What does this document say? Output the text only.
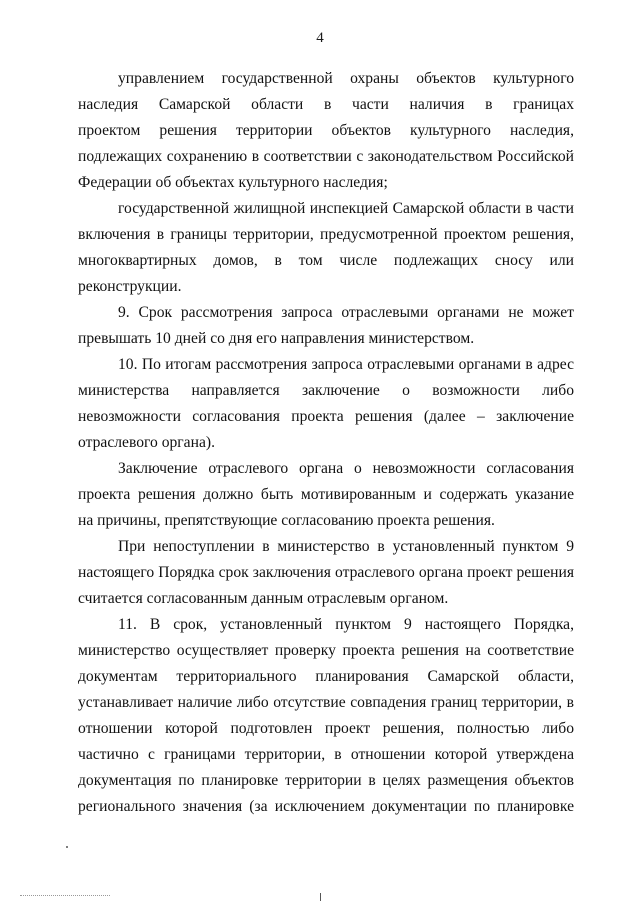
4
управлением государственной охраны объектов культурного
наследия Самарской области в части наличия в границах
проектом решения территории объектов культурного наследия,
подлежащих сохранению в соответствии с законодательством Российской
Федерации об объектах культурного наследия;
государственной жилищной инспекцией Самарской области в части
включения в границы территории, предусмотренной проектом решения,
многоквартирных домов, в том числе подлежащих сносу или
реконструкции.
9. Срок рассмотрения запроса отраслевыми органами не может
превышать 10 дней со дня его направления министерством.
10. По итогам рассмотрения запроса отраслевыми органами в адрес
министерства направляется заключение о возможности либо
невозможности согласования проекта решения (далее – заключение
отраслевого органа).
Заключение отраслевого органа о невозможности согласования
проекта решения должно быть мотивированным и содержать указание
на причины, препятствующие согласованию проекта решения.
При непоступлении в министерство в установленный пунктом 9
настоящего Порядка срок заключения отраслевого органа проект решения
считается согласованным данным отраслевым органом.
11. В срок, установленный пунктом 9 настоящего Порядка,
министерство осуществляет проверку проекта решения на соответствие
документам территориального планирования Самарской области,
устанавливает наличие либо отсутствие совпадения границ территории, в
отношении которой подготовлен проект решения, полностью либо
частично с границами территории, в отношении которой утверждена
документация по планировке территории в целях размещения объектов
регионального значения (за исключением документации по планировке
